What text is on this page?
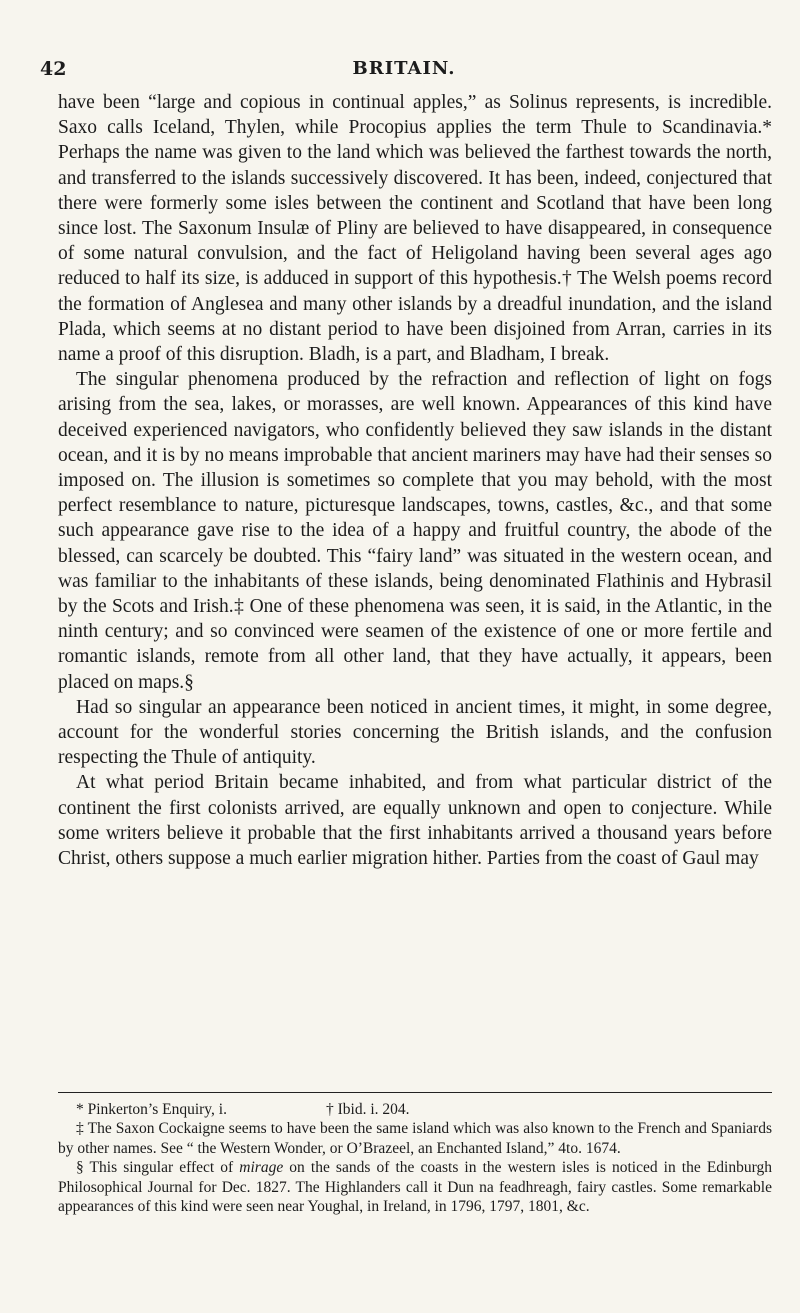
42	BRITAIN.

have been “large and copious in continual apples,” as Solinus represents, is incredible. Saxo calls Iceland, Thylen, while Procopius applies the term Thule to Scandinavia.* Perhaps the name was given to the land which was believed the farthest towards the north, and transferred to the islands successively discovered. It has been, indeed, conjectured that there were formerly some isles between the continent and Scotland that have been long since lost. The Saxonum Insulæ of Pliny are believed to have disappeared, in consequence of some natural convulsion, and the fact of Heligoland having been several ages ago reduced to half its size, is adduced in support of this hypothesis.† The Welsh poems record the formation of Anglesea and many other islands by a dreadful inundation, and the island Plada, which seems at no distant period to have been disjoined from Arran, carries in its name a proof of this disruption. Bladh, is a part, and Bladham, I break.

The singular phenomena produced by the refraction and reflection of light on fogs arising from the sea, lakes, or morasses, are well known. Appearances of this kind have deceived experienced navigators, who confidently believed they saw islands in the distant ocean, and it is by no means improbable that ancient mariners may have had their senses so imposed on. The illusion is sometimes so complete that you may behold, with the most perfect resemblance to nature, picturesque landscapes, towns, castles, &c., and that some such appearance gave rise to the idea of a happy and fruitful country, the abode of the blessed, can scarcely be doubted. This “fairy land” was situated in the western ocean, and was familiar to the inhabitants of these islands, being denominated Flathinis and Hybrasil by the Scots and Irish.‡ One of these phenomena was seen, it is said, in the Atlantic, in the ninth century; and so convinced were seamen of the existence of one or more fertile and romantic islands, remote from all other land, that they have actually, it appears, been placed on maps.§

Had so singular an appearance been noticed in ancient times, it might, in some degree, account for the wonderful stories concerning the British islands, and the confusion respecting the Thule of antiquity.

At what period Britain became inhabited, and from what particular district of the continent the first colonists arrived, are equally unknown and open to conjecture. While some writers believe it probable that the first inhabitants arrived a thousand years before Christ, others suppose a much earlier migration hither. Parties from the coast of Gaul may

* Pinkerton’s Enquiry, i.	† Ibid. i. 204.

‡ The Saxon Cockaigne seems to have been the same island which was also known to the French and Spaniards by other names. See “ the Western Wonder, or O’Brazeel, an Enchanted Island,” 4to. 1674.

§ This singular effect of mirage on the sands of the coasts in the western isles is noticed in the Edinburgh Philosophical Journal for Dec. 1827. The Highlanders call it Dun na feadhreagh, fairy castles. Some remarkable appearances of this kind were seen near Youghal, in Ireland, in 1796, 1797, 1801, &c.
